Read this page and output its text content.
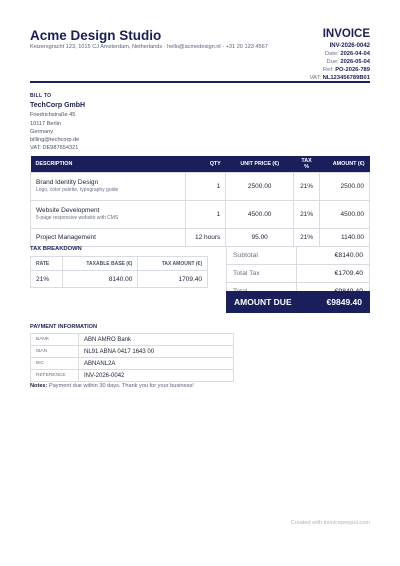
Acme Design Studio
Keizersgracht 123, 1015 CJ Amsterdam, Netherlands · hello@acmedesign.nl · +31 20 123 4567
INVOICE
INV-2026-0042
Date: 2026-04-04
Due: 2026-05-04
Ref: PO-2026-789
VAT: NL123456789B01
BILL TO
TechCorp GmbH
Friedrichstraße 45
10117 Berlin
Germany
billing@techcorp.de
VAT: DE987654321
DESCRIPTION	QTY	UNIT PRICE (€)	TAX %	AMOUNT (€)

Brand Identity Design
Logo, color palette, typography guide	1	2500.00	21%	2500.00

Website Development
5-page responsive website with CMS	1	4500.00	21%	4500.00

Project Management	12 hours	95.00	21%	1140.00
TAX BREAKDOWN
RATE	TAXABLE BASE (€)	TAX AMOUNT (€)
21%	8140.00	1709.40
Subtotal	€8140.00
Total Tax	€1709.40

AMOUNT DUE	€9849.40
PAYMENT INFORMATION
BANK	ABN AMRO Bank
IBAN	NL91 ABNA 0417 1643 00
BIC	ABNANL2A
REFERENCE	INV-2026-0042
Notes: Payment due within 30 days. Thank you for your business!
Created with invoicepeppol.com
